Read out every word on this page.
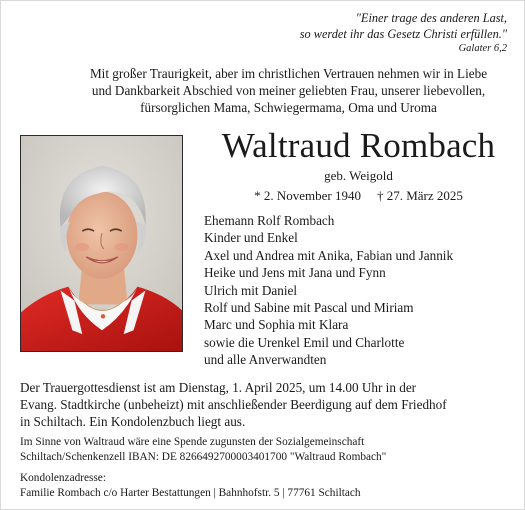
"Einer trage des anderen Last,
so werdet ihr das Gesetz Christi erfüllen."
Galater 6,2
Mit großer Traurigkeit, aber im christlichen Vertrauen nehmen wir in Liebe
und Dankbarkeit Abschied von meiner geliebten Frau, unserer liebevollen,
fürsorglichen Mama, Schwiegermama, Oma und Uroma
Waltraud Rombach
geb. Weigold
* 2. November 1940 † 27. März 2025
Ehemann Rolf Rombach
Kinder und Enkel
Axel und Andrea mit Anika, Fabian und Jannik
Heike und Jens mit Jana und Fynn
Ulrich mit Daniel
Rolf und Sabine mit Pascal und Miriam
Marc und Sophia mit Klara
sowie die Urenkel Emil und Charlotte
und alle Anverwandten
Der Trauergottesdienst ist am Dienstag, 1. April 2025, um 14.00 Uhr in der
Evang. Stadtkirche (unbeheizt) mit anschließender Beerdigung auf dem Friedhof
in Schiltach. Ein Kondolenzbuch liegt aus.
Im Sinne von Waltraud wäre eine Spende zugunsten der Sozialgemeinschaft
Schiltach/Schenkenzell IBAN: DE 8266492700003401700 "Waltraud Rombach"
Kondolenzadresse:
Familie Rombach c/o Harter Bestattungen | Bahnhofstr. 5 | 77761 Schiltach
